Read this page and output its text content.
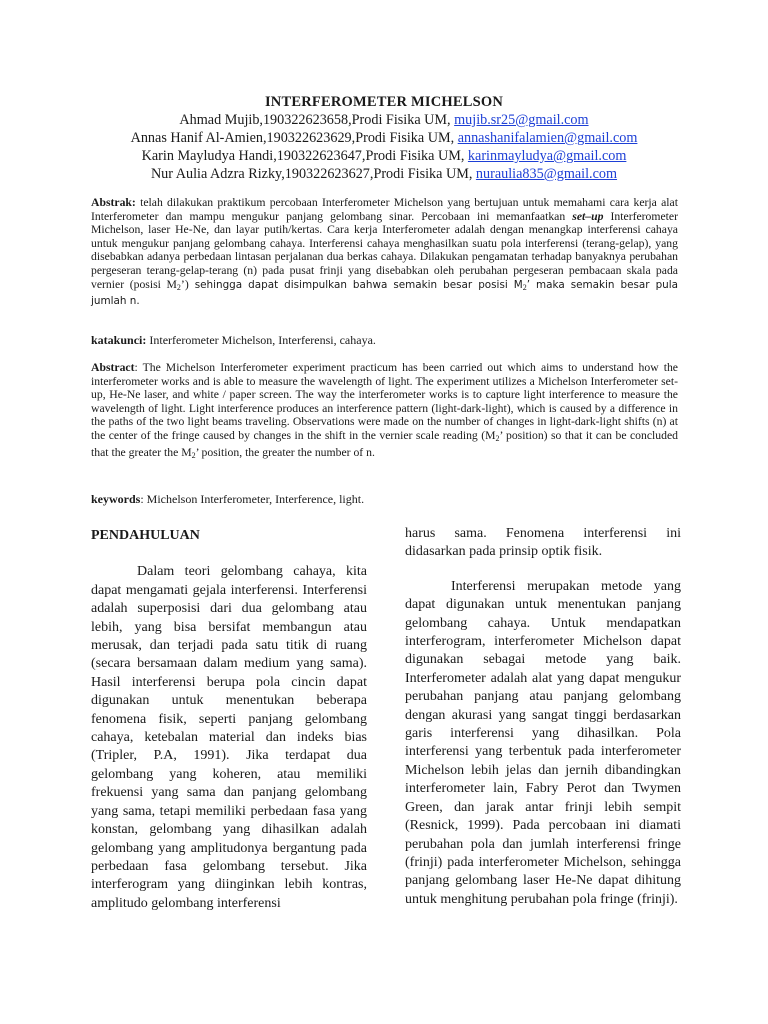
INTERFEROMETER MICHELSON
Ahmad Mujib,190322623658,Prodi Fisika UM, mujib.sr25@gmail.com
Annas Hanif Al-Amien,190322623629,Prodi Fisika UM, annashanifalamien@gmail.com
Karin Mayludya Handi,190322623647,Prodi Fisika UM, karinmayludya@gmail.com
Nur Aulia Adzra Rizky,190322623627,Prodi Fisika UM, nuraulia835@gmail.com
Abstrak: telah dilakukan praktikum percobaan Interferometer Michelson yang bertujuan untuk memahami cara kerja alat Interferometer dan mampu mengukur panjang gelombang sinar. Percobaan ini memanfaatkan set–up Interferometer Michelson, laser He-Ne, dan layar putih/kertas. Cara kerja Interferometer adalah dengan menangkap interferensi cahaya untuk mengukur panjang gelombang cahaya. Interferensi cahaya menghasilkan suatu pola interferensi (terang-gelap), yang disebabkan adanya perbedaan lintasan perjalanan dua berkas cahaya. Dilakukan pengamatan terhadap banyaknya perubahan pergeseran terang-gelap-terang (n) pada pusat frinji yang disebabkan oleh perubahan pergeseran pembacaan skala pada vernier (posisi M2’) sehingga dapat disimpulkan bahwa semakin besar posisi M2’ maka semakin besar pula jumlah n.
katakunci: Interferometer Michelson, Interferensi, cahaya.
Abstract: The Michelson Interferometer experiment practicum has been carried out which aims to understand how the interferometer works and is able to measure the wavelength of light. The experiment utilizes a Michelson Interferometer set-up, He-Ne laser, and white / paper screen. The way the interferometer works is to capture light interference to measure the wavelength of light. Light interference produces an interference pattern (light-dark-light), which is caused by a difference in the paths of the two light beams traveling. Observations were made on the number of changes in light-dark-light shifts (n) at the center of the fringe caused by changes in the shift in the vernier scale reading (M2’ position) so that it can be concluded that the greater the M2’ position, the greater the number of n.
keywords: Michelson Interferometer, Interference, light.
PENDAHULUAN

Dalam teori gelombang cahaya, kita dapat mengamati gejala interferensi. Interferensi adalah superposisi dari dua gelombang atau lebih, yang bisa bersifat membangun atau merusak, dan terjadi pada satu titik di ruang (secara bersamaan dalam medium yang sama). Hasil interferensi berupa pola cincin dapat digunakan untuk menentukan beberapa fenomena fisik, seperti panjang gelombang cahaya, ketebalan material dan indeks bias (Tripler, P.A, 1991). Jika terdapat dua gelombang yang koheren, atau memiliki frekuensi yang sama dan panjang gelombang yang sama, tetapi memiliki perbedaan fasa yang konstan, gelombang yang dihasilkan adalah gelombang yang amplitudonya bergantung pada perbedaan fasa gelombang tersebut. Jika interferogram yang diinginkan lebih kontras, amplitudo gelombang interferensi

harus sama. Fenomena interferensi ini didasarkan pada prinsip optik fisik.

Interferensi merupakan metode yang dapat digunakan untuk menentukan panjang gelombang cahaya. Untuk mendapatkan interferogram, interferometer Michelson dapat digunakan sebagai metode yang baik. Interferometer adalah alat yang dapat mengukur perubahan panjang atau panjang gelombang dengan akurasi yang sangat tinggi berdasarkan garis interferensi yang dihasilkan. Pola interferensi yang terbentuk pada interferometer Michelson lebih jelas dan jernih dibandingkan interferometer lain, Fabry Perot dan Twymen Green, dan jarak antar frinji lebih sempit (Resnick, 1999). Pada percobaan ini diamati perubahan pola dan jumlah interferensi fringe (frinji) pada interferometer Michelson, sehingga panjang gelombang laser He-Ne dapat dihitung untuk menghitung perubahan pola fringe (frinji).
